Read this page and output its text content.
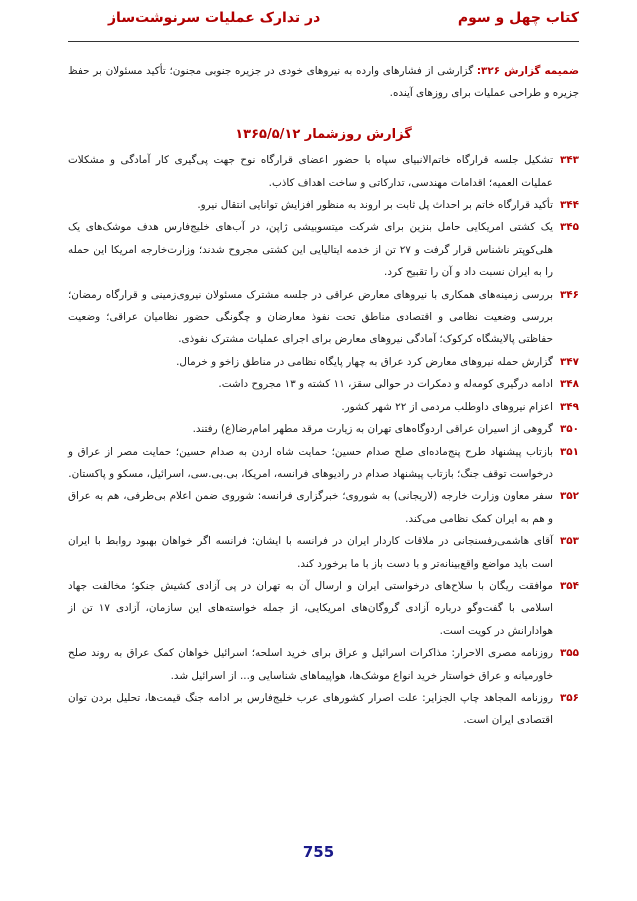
کتاب چهل و سوم
در تدارک عملیات سرنوشت‌ساز

ضمیمه گزارش ۳۲۶: گزارشی از فشارهای وارده به نیروهای خودی در جزیره جنوبی مجنون؛ تأکید مسئولان بر حفظ جزیره و طراحی عملیات برای روزهای آینده.

گزارش روزشمار ۱۳۶۵/۵/۱۲
۳۴۳
تشکیل جلسه قرارگاه خاتم‌الانبیای سپاه با حضور اعضای قرارگاه نوح جهت پی‌گیری کار آمادگی و مشکلات عملیات العمیه؛ اقدامات مهندسی، تدارکاتی و ساخت اهداف کاذب.
۳۴۴
تأکید قرارگاه خاتم بر احداث پل ثابت بر اروند به منظور افزایش توانایی انتقال نیرو.
۳۴۵
یک کشتی امریکایی حامل بنزین برای شرکت میتسوبیشی ژاپن، در آب‌های خلیج‌فارس هدف موشک‌های یک هلی‌کوپتر ناشناس قرار گرفت و ۲۷ تن از خدمه ایتالیایی این کشتی مجروح شدند؛ وزارت‌خارجه امریکا این حمله را به ایران نسبت داد و آن را تقبیح کرد.
۳۴۶
بررسی زمینه‌های همکاری با نیروهای معارض عراقی در جلسه مشترک مسئولان نیروی‌زمینی و قرارگاه رمضان؛ بررسی وضعیت نظامی و اقتصادی مناطق تحت نفوذ معارضان و چگونگی حضور نظامیان عراقی؛ وضعیت حفاظتی پالایشگاه کرکوک؛ آمادگی نیروهای معارض برای اجرای عملیات مشترک نفوذی.
۳۴۷
گزارش حمله نیروهای معارض کرد عراق به چهار پایگاه نظامی در مناطق زاخو و خرمال.
۳۴۸
ادامه درگیری کومه‌له و دمکرات در حوالی سقز، ۱۱ کشته و ۱۳ مجروح داشت.
۳۴۹
اعزام نیروهای داوطلب مردمی از ۲۲ شهر کشور.
۳۵۰
گروهی از اسیران عراقی اردوگاه‌های تهران به زیارت مرقد مطهر امام‌رضا(ع) رفتند.
۳۵۱
بازتاب پیشنهاد طرح پنج‌ماده‌ای صلح صدام حسین؛ حمایت شاه اردن به صدام حسین؛ حمایت مصر از عراق و درخواست توقف جنگ؛ بازتاب پیشنهاد صدام در رادیوهای فرانسه، امریکا، بی.بی.سی، اسرائیل، مسکو و پاکستان.
۳۵۲
سفر معاون وزارت خارجه (لاریجانی) به شوروی؛ خبرگزاری فرانسه: شوروی ضمن اعلام بی‌طرفی، هم به عراق و هم به ایران کمک نظامی می‌کند.
۳۵۳
آقای هاشمی‌رفسنجانی در ملاقات کاردار ایران در فرانسه با ایشان: فرانسه اگر خواهان بهبود روابط با ایران است باید مواضع واقع‌بینانه‌تر و با دست باز با ما برخورد کند.
۳۵۴
موافقت ریگان با سلاح‌های درخواستی ایران و ارسال آن به تهران در پی آزادی کشیش جنکو؛ مخالفت جهاد اسلامی با گفت‌وگو درباره آزادی گروگان‌های امریکایی، از جمله خواسته‌های این سازمان، آزادی ۱۷ تن از هوادارانش در کویت است.
۳۵۵
روزنامه مصری الاحرار: مذاکرات اسرائیل و عراق برای خرید اسلحه؛ اسرائیل خواهان کمک عراق به روند صلح خاورمیانه و عراق خواستار خرید انواع موشک‌ها، هواپیماهای شناسایی و... از اسرائیل شد.
۳۵۶
روزنامه المجاهد چاپ الجزایر: علت اصرار کشورهای عرب خلیج‌فارس بر ادامه جنگ قیمت‌ها، تحلیل بردن توان اقتصادی ایران است.
755
